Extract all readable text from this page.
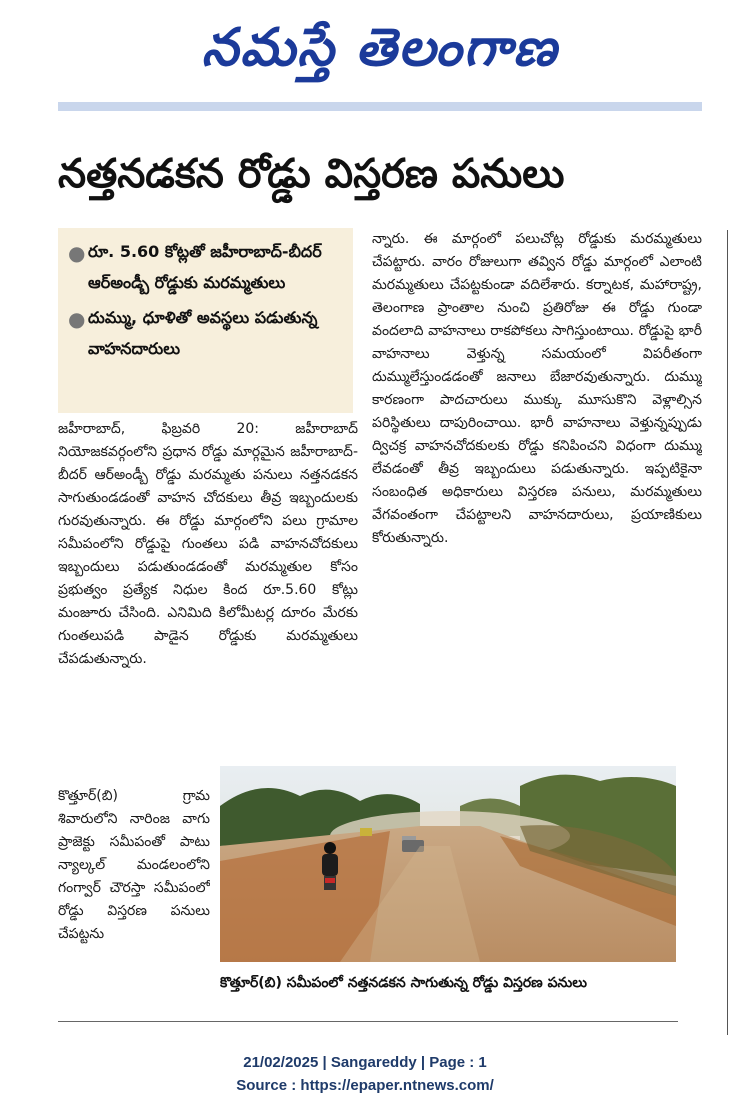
నమస్తే తెలంగాణ
నత్తనడకన రోడ్డు విస్తరణ పనులు
● రూ. 5.60 కోట్లతో జహీరాబాద్-బీదర్ ఆర్అండ్బీ రోడ్డుకు మరమ్మతులు
● దుమ్ము, ధూళితో అవస్థలు పడుతున్న వాహనదారులు
జహీరాబాద్, ఫిబ్రవరి 20: జహీరాబాద్ నియోజకవర్గంలోని ప్రధాన రోడ్డు మార్గమైన జహీరాబాద్-బీదర్ ఆర్అండ్బీ రోడ్డు మరమ్మతు పనులు నత్తనడకన సాగుతుండడంతో వాహన చోదకులు తీవ్ర ఇబ్బందులకు గురవుతున్నారు. ఈ రోడ్డు మార్గంలోని పలు గ్రామాల సమీపంలోని రోడ్డుపై గుంతలు పడి వాహనచోదకులు ఇబ్బందులు పడుతుండడంతో మరమ్మతుల కోసం ప్రభుత్వం ప్రత్యేక నిధుల కింద రూ.5.60 కోట్లు మంజూరు చేసింది. ఎనిమిది కిలోమీటర్ల దూరం మేరకు గుంతలుపడి పాడైన రోడ్డుకు మరమ్మతులు చేపడుతున్నారు.
కొత్తూర్(బి) గ్రామ శివారులోని నారింజ వాగు ప్రాజెక్టు సమీపంతో పాటు న్యాల్కల్ మండలంలోని గంగ్వార్ చౌరస్తా సమీపంలో రోడ్డు విస్తరణ పనులు చేపట్టను
న్నారు. ఈ మార్గంలో పలుచోట్ల రోడ్డుకు మరమ్మతులు చేపట్టారు. వారం రోజులుగా తవ్విన రోడ్డు మార్గంలో ఎలాంటి మరమ్మతులు చేపట్టకుండా వదిలేశారు. కర్నాటక, మహారాష్ట్ర, తెలంగాణ ప్రాంతాల నుంచి ప్రతిరోజు ఈ రోడ్డు గుండా వందలాది వాహనాలు రాకపోకలు సాగిస్తుంటాయి. రోడ్డుపై భారీ వాహనాలు వెళ్తున్న సమయంలో విపరీతంగా దుమ్ములేస్తుండడంతో జనాలు బేజారవుతున్నారు. దుమ్ము కారణంగా పాదచారులు ముక్కు మూసుకొని వెళ్లాల్సిన పరిస్థితులు దాపురించాయి. భారీ వాహనాలు వెళ్తున్నప్పుడు ద్విచక్ర వాహనచోదకులకు రోడ్డు కనిపించని విధంగా దుమ్ము లేవడంతో తీవ్ర ఇబ్బందులు పడుతున్నారు. ఇప్పటికైనా సంబంధిత అధికారులు విస్తరణ పనులు, మరమ్మతులు వేగవంతంగా చేపట్టాలని వాహనదారులు, ప్రయాణికులు కోరుతున్నారు.
కొత్తూర్(బి) సమీపంలో నత్తనడకన సాగుతున్న రోడ్డు విస్తరణ పనులు
21/02/2025 | Sangareddy | Page : 1
Source : https://epaper.ntnews.com/
